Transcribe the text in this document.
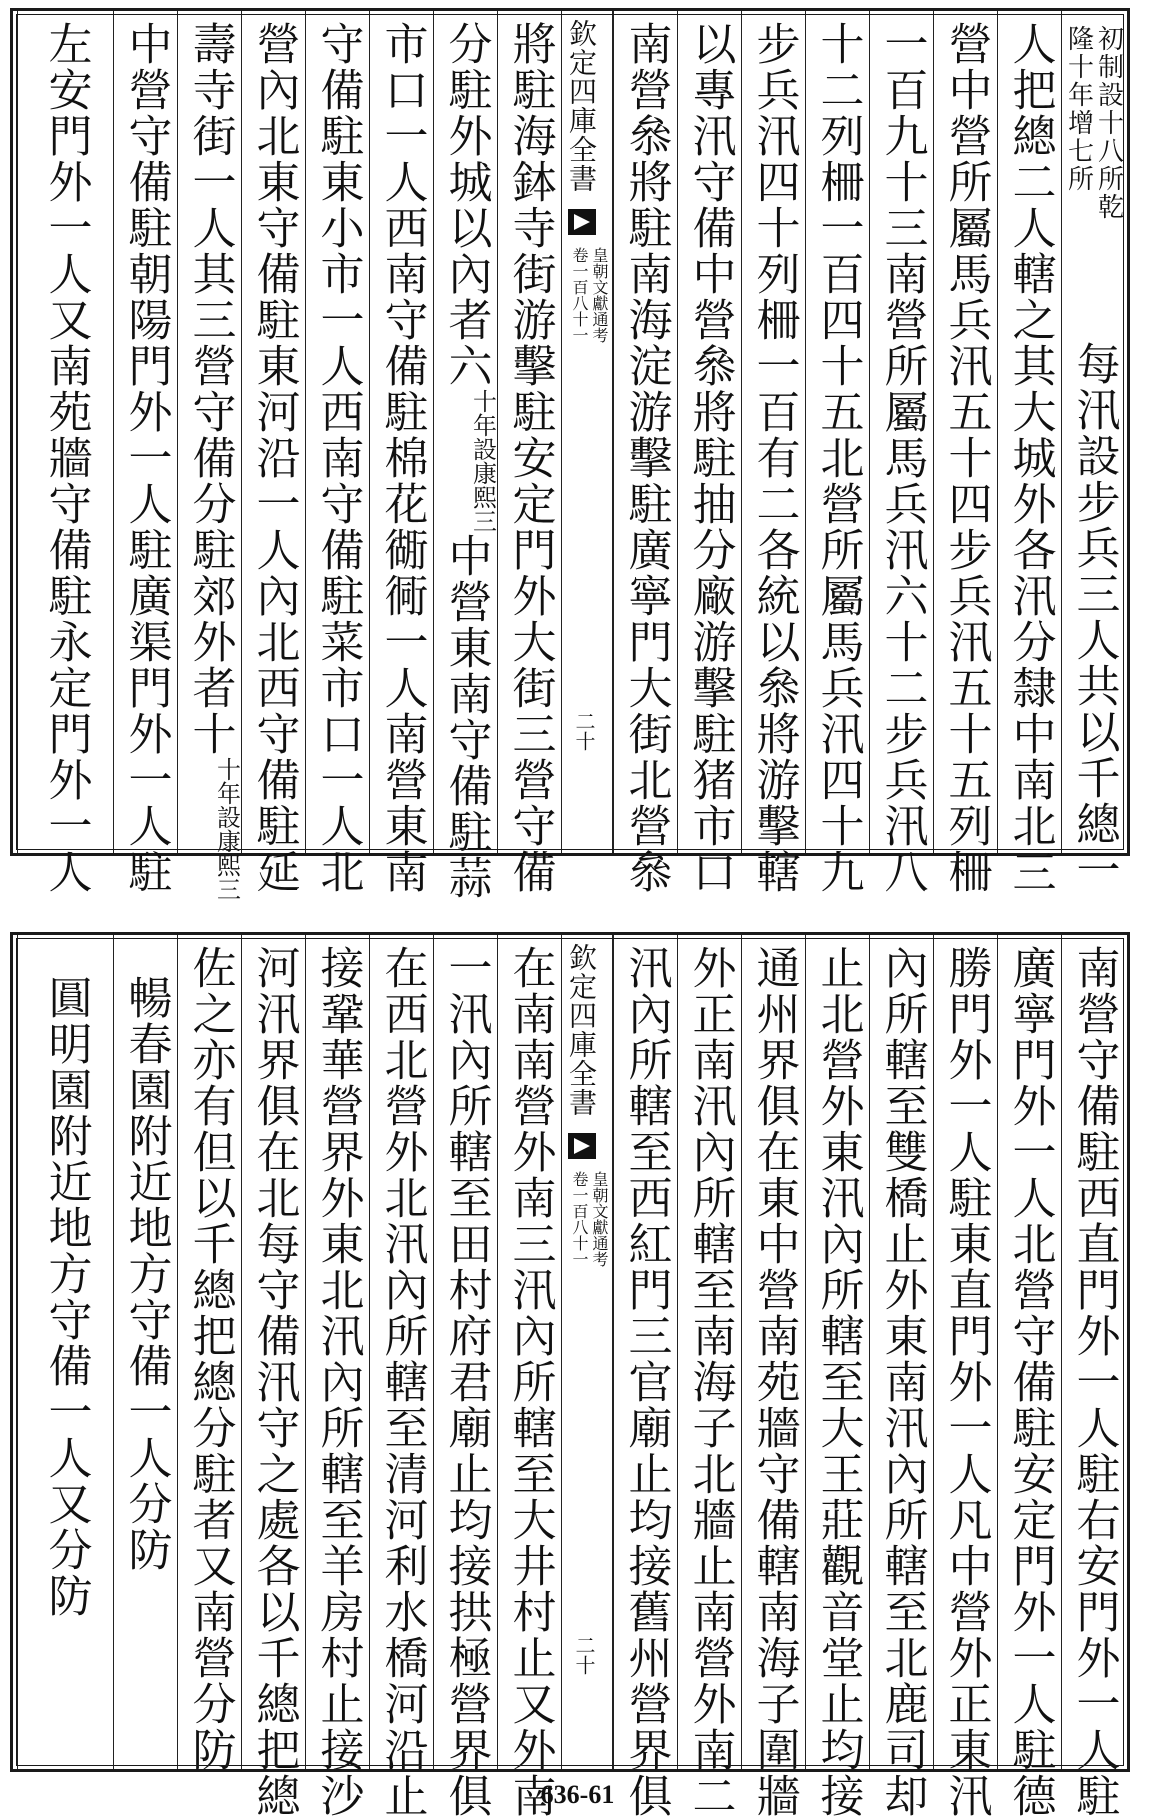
初制設十八所乾
隆十年增七所
每汛設步兵三人共以千總一
人把總二人轄之其大城外各汛分隸中南北三
營中營所屬馬兵汛五十四步兵汛五十五列柵
一百九十三南營所屬馬兵汛六十二步兵汛八
十二列柵一百四十五北營所屬馬兵汛四十九
步兵汛四十列柵一百有二各統以叅將游擊轄
以專汛守備中營叅將駐抽分廠游擊駐猪市口
南營叅將駐南海淀游擊駐廣寧門大街北營叅
欽定四庫全書
皇朝文獻通考
卷一百八十一
二十
將駐海鉢寺街游擊駐安定門外大街三營守備
分駐外城以內者六
康熙三
十年設
中營東南守備駐蒜
市口一人西南守備駐棉花衚衕一人南營東南
守備駐東小市一人西南守備駐菜市口一人北
營內北東守備駐東河沿一人內北西守備駐延
壽寺街一人其三營守備分駐郊外者十
康熙三
十年設
中營守備駐朝陽門外一人駐廣渠門外一人駐
左安門外一人又南苑牆守備駐永定門外一人
南營守備駐西直門外一人駐右安門外一人駐
廣寧門外一人北營守備駐安定門外一人駐德
勝門外一人駐東直門外一人凡中營外正東汛
內所轄至雙橋止外東南汛內所轄至北鹿司却
止北營外東汛內所轄至大王莊觀音堂止均接
通州界俱在東中營南苑牆守備轄南海子圍牆
外正南汛內所轄至南海子北牆止南營外南二
汛內所轄至西紅門三官廟止均接舊州營界俱
欽定四庫全書
皇朝文獻通考
卷一百八十一
二十
在南南營外南三汛內所轄至大井村止又外南
一汛內所轄至田村府君廟止均接拱極營界俱
在西北營外北汛內所轄至清河利水橋河沿止
接鞏華營界外東北汛內所轄至羊房村止接沙
河汛界俱在北每守備汛守之處各以千總把總
佐之亦有但以千總把總分駐者又南營分防
暢春園附近地方守備一人分防
圓明園附近地方守備一人又分防
636-61
